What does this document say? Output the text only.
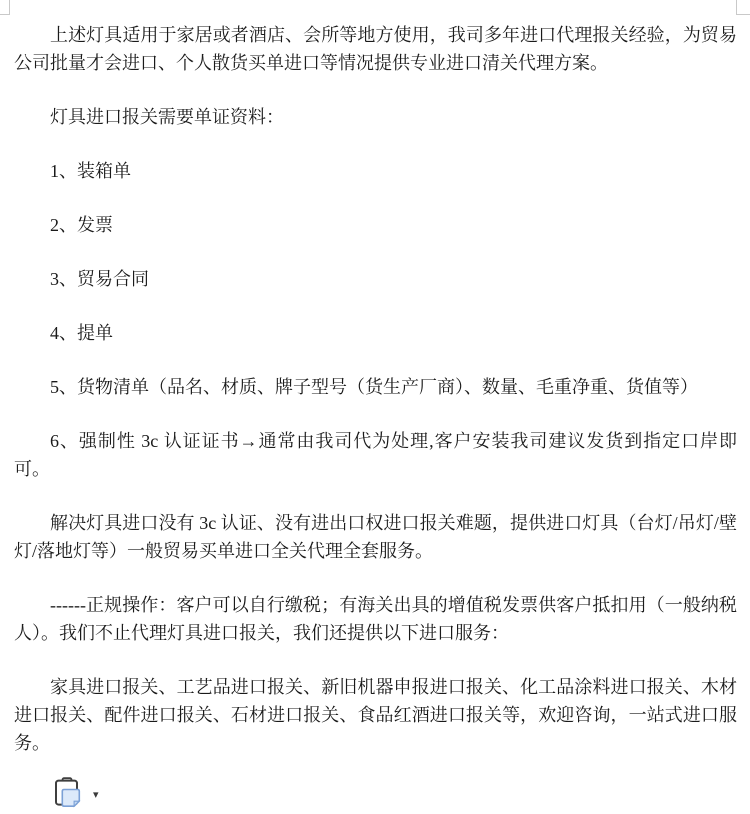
上述灯具适用于家居或者酒店、会所等地方使用，我司多年进口代理报关经验，为贸易公司批量才会进口、个人散货买单进口等情况提供专业进口清关代理方案。

灯具进口报关需要单证资料：

1、装箱单

2、发票

3、贸易合同

4、提单

5、货物清单（品名、材质、牌子型号（货生产厂商）、数量、毛重净重、货值等）

6、强制性 3c 认证证书→通常由我司代为处理,客户安装我司建议发货到指定口岸即可。

解决灯具进口没有 3c 认证、没有进出口权进口报关难题，提供进口灯具（台灯/吊灯/壁灯/落地灯等）一般贸易买单进口全关代理全套服务。

------正规操作：客户可以自行缴税；有海关出具的增值税发票供客户抵扣用（一般纳税人）。我们不止代理灯具进口报关，我们还提供以下进口服务：

家具进口报关、工艺品进口报关、新旧机器申报进口报关、化工品涂料进口报关、木材进口报关、配件进口报关、石材进口报关、食品红酒进口报关等，欢迎咨询，一站式进口服务。

▾
